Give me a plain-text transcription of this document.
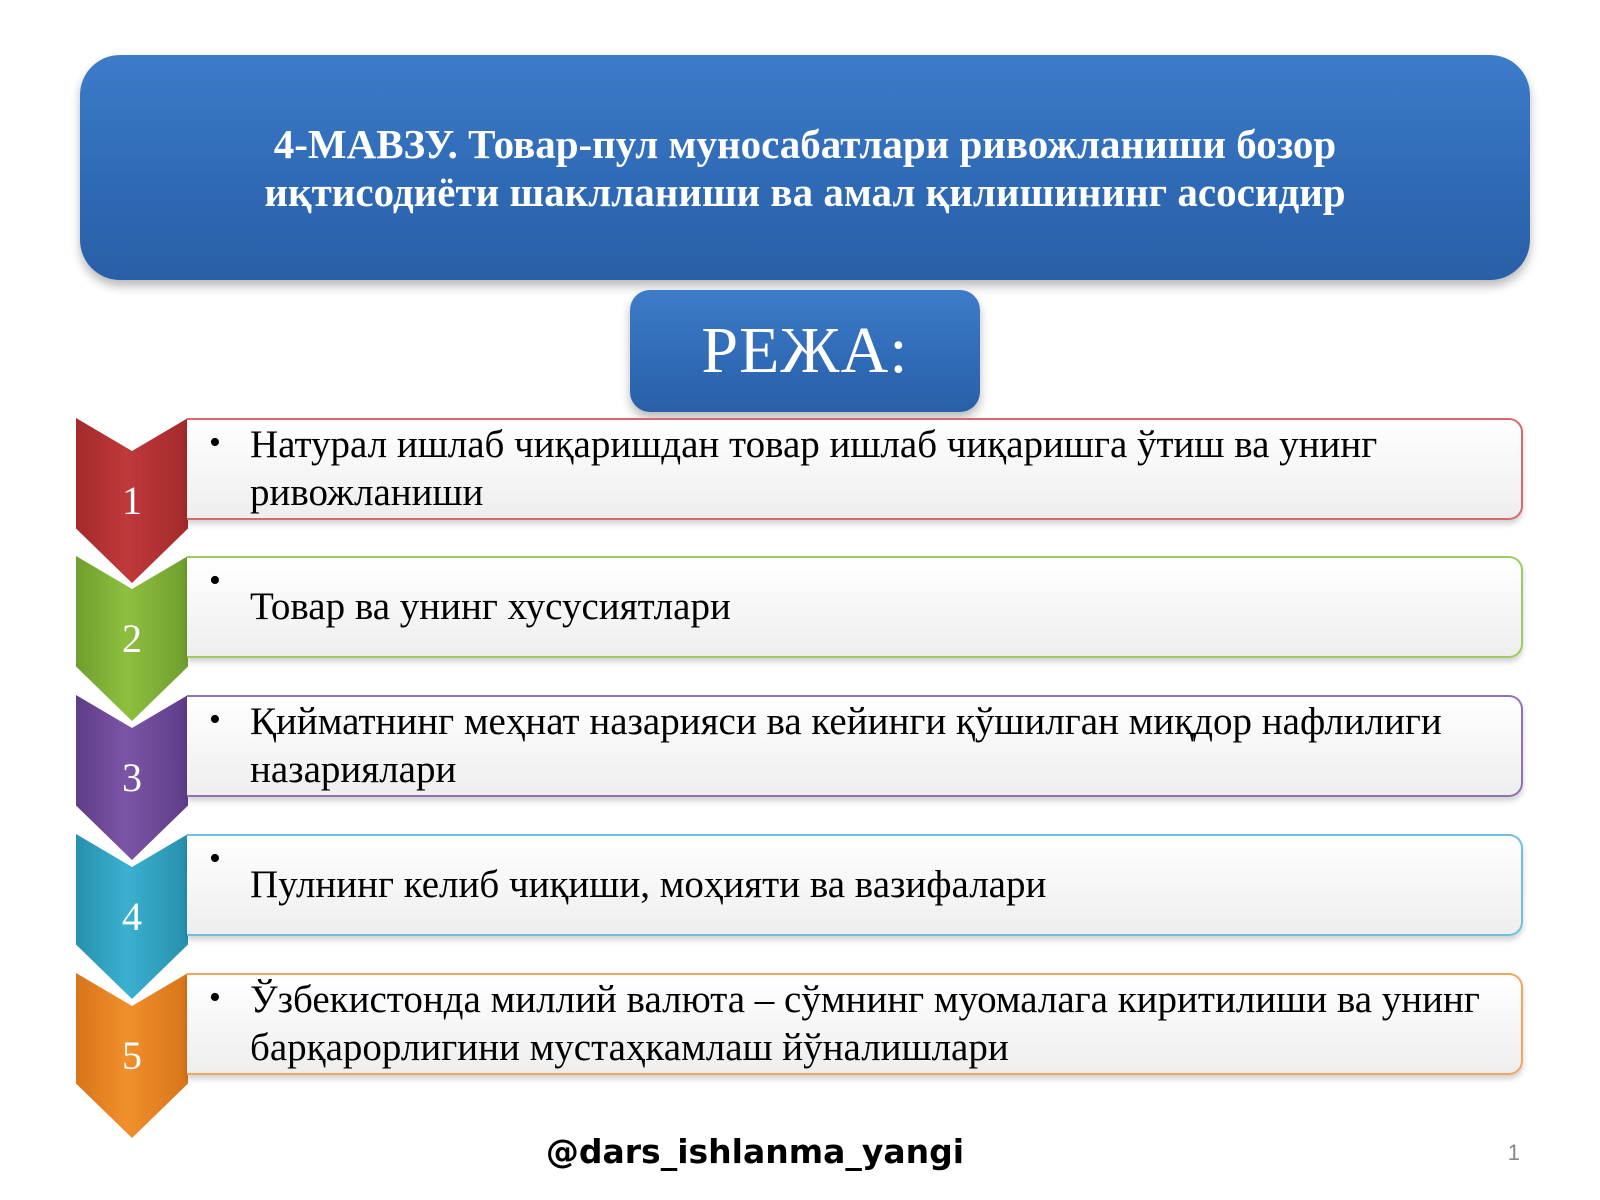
4-МАВЗУ. Товар-пул муносабатлари ривожланиши бозор
иқтисодиёти шаклланиши ва амал қилишининг асосидир
РЕЖА:
1
• Натурал ишлаб чиқаришдан товар ишлаб чиқаришга ўтиш ва унинг ривожланиши
2
•
Товар ва унинг хусусиятлари
3
• Қийматнинг меҳнат назарияси ва кейинги қўшилган миқдор нафлилиги назариялари
4
•
Пулнинг келиб чиқиши, моҳияти ва вазифалари
5
• Ўзбекистонда миллий валюта – сўмнинг муомалага киритилиши ва унинг барқарорлигини мустаҳкамлаш йўналишлари
@dars_ishlanma_yangi	1
